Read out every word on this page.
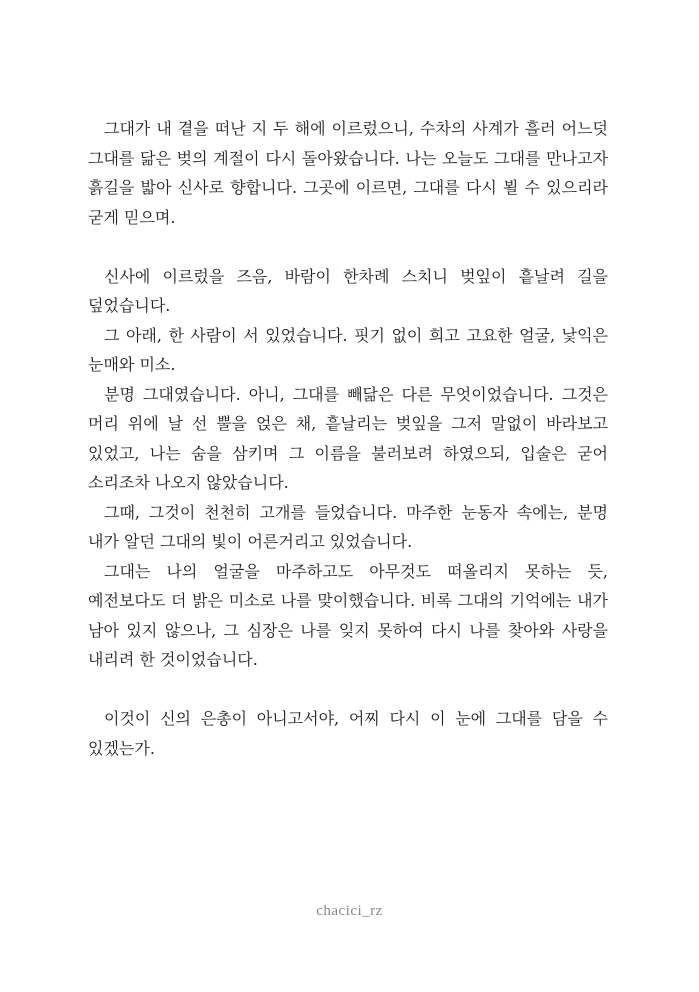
그대가 내 곁을 떠난 지 두 해에 이르렀으니, 수차의 사계가 흘러 어느덧 그대를 닮은 벚의 계절이 다시 돌아왔습니다. 나는 오늘도 그대를 만나고자 흙길을 밟아 신사로 향합니다. 그곳에 이르면, 그대를 다시 뵐 수 있으리라 굳게 믿으며.

신사에 이르렀을 즈음, 바람이 한차례 스치니 벚잎이 흩날려 길을 덮었습니다.

그 아래, 한 사람이 서 있었습니다. 핏기 없이 희고 고요한 얼굴, 낯익은 눈매와 미소.

분명 그대였습니다. 아니, 그대를 빼닮은 다른 무엇이었습니다. 그것은 머리 위에 날 선 뿔을 얹은 채, 흩날리는 벚잎을 그저 말없이 바라보고 있었고, 나는 숨을 삼키며 그 이름을 불러보려 하였으되, 입술은 굳어 소리조차 나오지 않았습니다.

그때, 그것이 천천히 고개를 들었습니다. 마주한 눈동자 속에는, 분명 내가 알던 그대의 빛이 어른거리고 있었습니다.

그대는 나의 얼굴을 마주하고도 아무것도 떠올리지 못하는 듯, 예전보다도 더 밝은 미소로 나를 맞이했습니다. 비록 그대의 기억에는 내가 남아 있지 않으나, 그 심장은 나를 잊지 못하여 다시 나를 찾아와 사랑을 내리려 한 것이었습니다.

이것이 신의 은총이 아니고서야, 어찌 다시 이 눈에 그대를 담을 수 있겠는가.

chacici_rz
